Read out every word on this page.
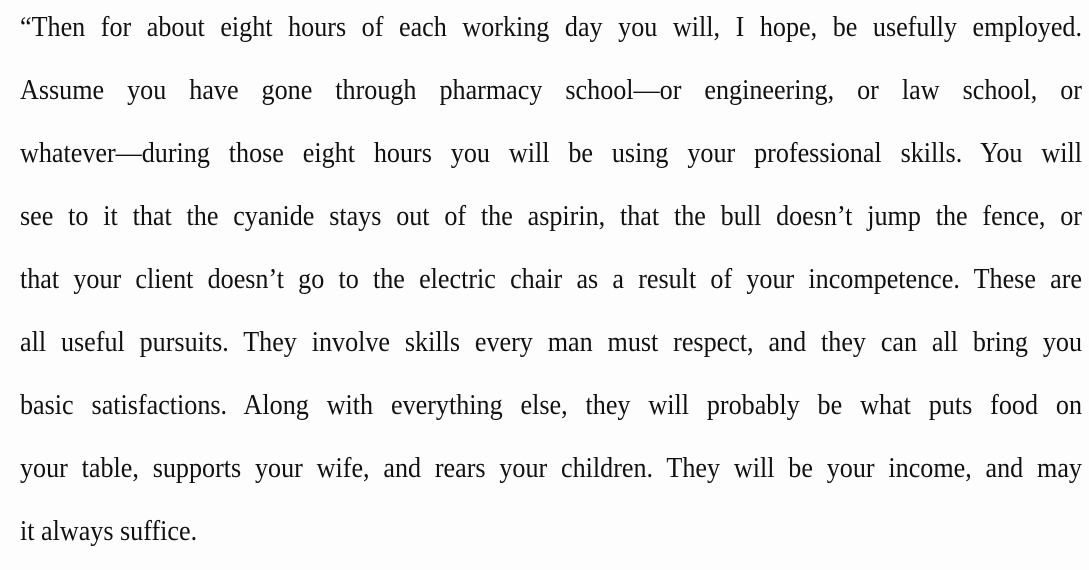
“Then for about eight hours of each working day you will, I hope, be usefully employed.
Assume you have gone through pharmacy school—or engineering, or law school, or
whatever—during those eight hours you will be using your professional skills. You will
see to it that the cyanide stays out of the aspirin, that the bull doesn’t jump the fence, or
that your client doesn’t go to the electric chair as a result of your incompetence. These are
all useful pursuits. They involve skills every man must respect, and they can all bring you
basic satisfactions. Along with everything else, they will probably be what puts food on
your table, supports your wife, and rears your children. They will be your income, and may
it always suffice.
